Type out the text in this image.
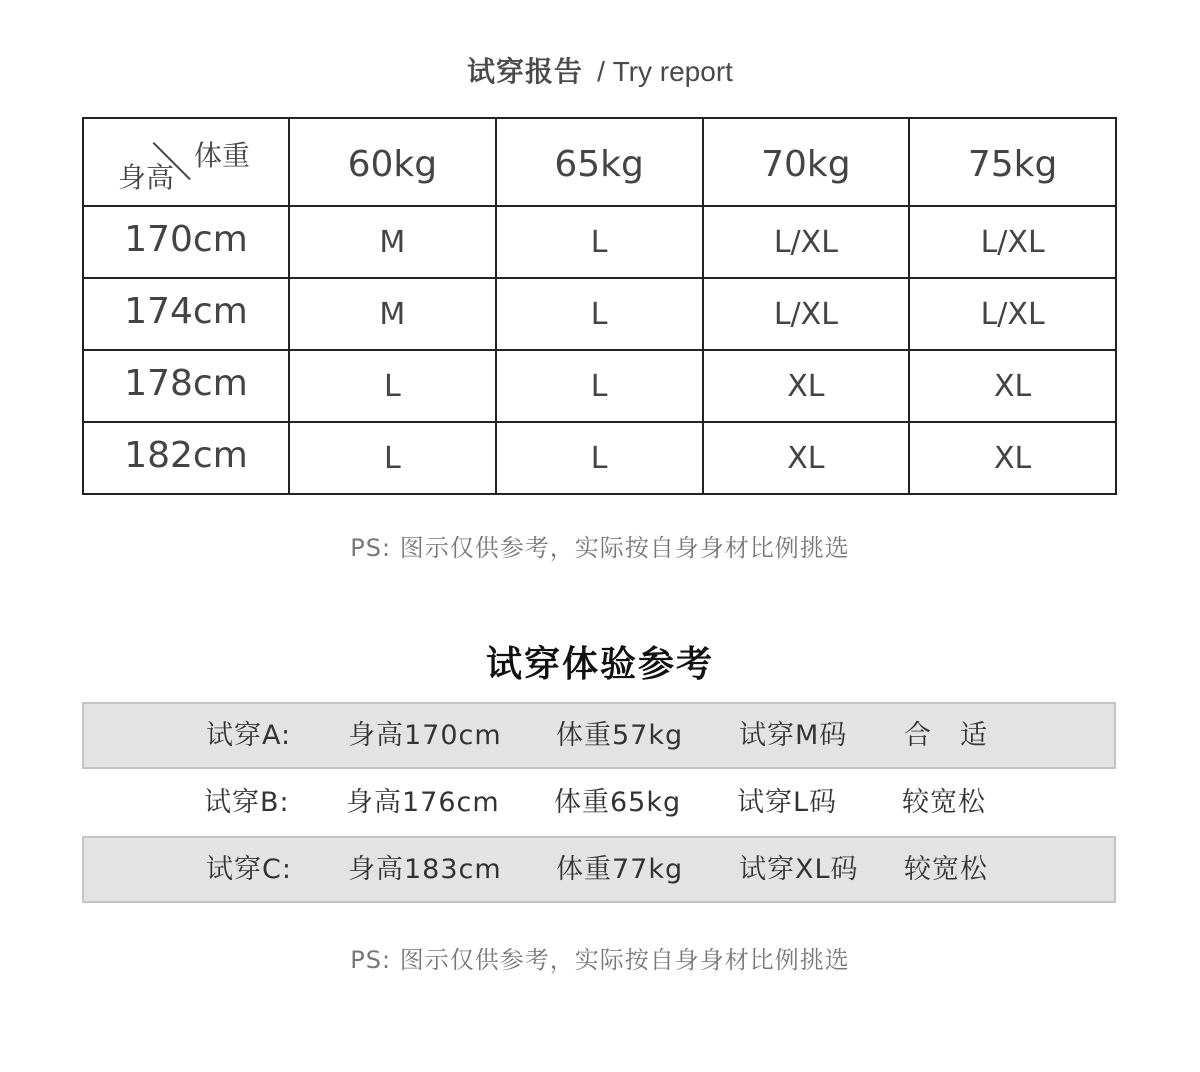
试穿报告 / Try report
身高
体重	60kg	65kg	70kg	75kg
170cm	M	L	L/XL	L/XL
174cm	M	L	L/XL	L/XL
178cm	L	L	XL	XL
182cm	L	L	XL	XL
PS: 图示仅供参考，实际按自身身材比例挑选
试穿体验参考
试穿A: 身高170cm 体重57kg 试穿M码 合　适
试穿B: 身高176cm 体重65kg 试穿L码 较宽松
试穿C: 身高183cm 体重77kg 试穿XL码 较宽松
PS: 图示仅供参考，实际按自身身材比例挑选
